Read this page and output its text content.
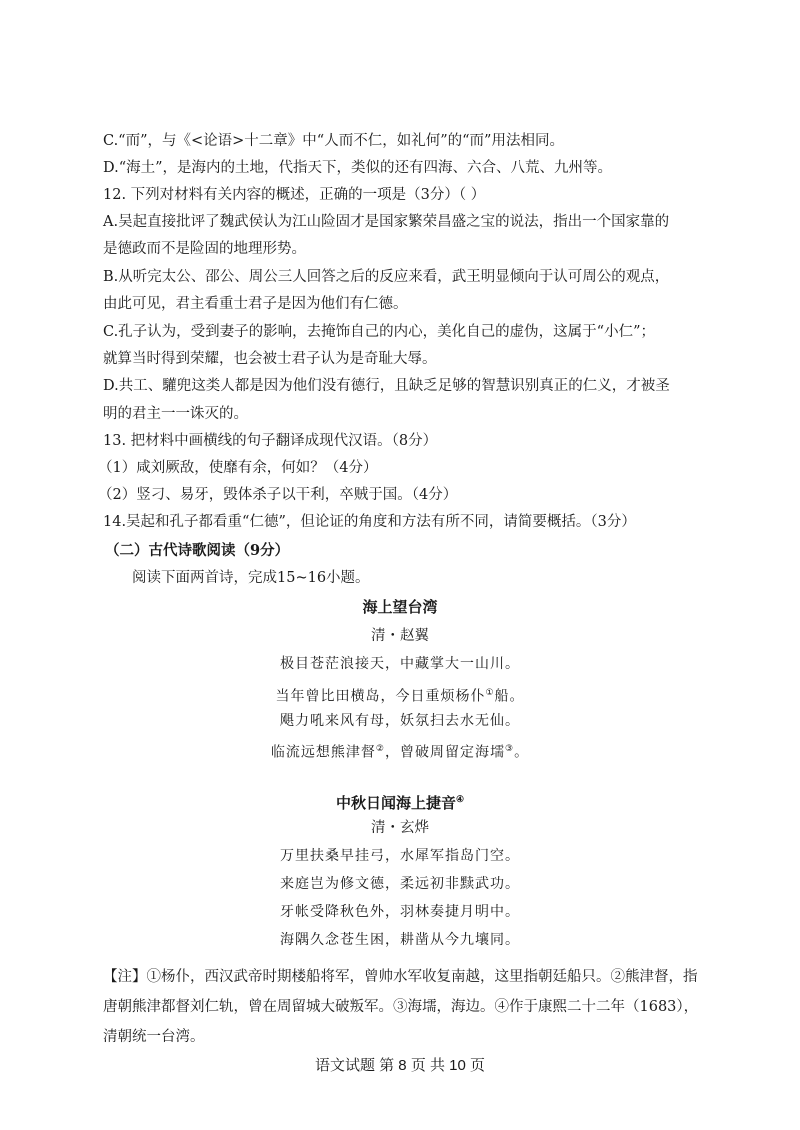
C.“而”，与《<论语>十二章》中“人而不仁，如礼何”的“而”用法相同。
D.“海土”，是海内的土地，代指天下，类似的还有四海、六合、八荒、九州等。
12. 下列对材料有关内容的概述，正确的一项是（3分）（ ）
A.吴起直接批评了魏武侯认为江山险固才是国家繁荣昌盛之宝的说法，指出一个国家靠的
是德政而不是险固的地理形势。
B.从听完太公、邵公、周公三人回答之后的反应来看，武王明显倾向于认可周公的观点，
由此可见，君主看重士君子是因为他们有仁德。
C.孔子认为，受到妻子的影响，去掩饰自己的内心，美化自己的虚伪，这属于“小仁”；
就算当时得到荣耀，也会被士君子认为是奇耻大辱。
D.共工、驩兜这类人都是因为他们没有德行，且缺乏足够的智慧识别真正的仁义，才被圣
明的君主一一诛灭的。
13. 把材料中画横线的句子翻译成现代汉语。（8分）
（1）咸刘厥敌，使靡有余，何如？（4分）
（2）竖刁、易牙，毁体杀子以干利，卒贼于国。（4分）
14.吴起和孔子都看重“仁德”，但论证的角度和方法有所不同，请简要概括。（3分）
（二）古代诗歌阅读（9分）
阅读下面两首诗，完成15~16小题。
海上望台湾
清・赵翼
极目苍茫浪接天，中藏掌大一山川。
当年曾比田横岛，今日重烦杨仆①船。
飓力吼来风有母，妖氛扫去水无仙。
临流远想熊津督②，曾破周留定海壖③。
中秋日闻海上捷音④
清・玄烨
万里扶桑早挂弓，水犀军指岛门空。
来庭岂为修文德，柔远初非黩武功。
牙帐受降秋色外，羽林奏捷月明中。
海隅久念苍生困，耕凿从今九壤同。
【注】①杨仆，西汉武帝时期楼船将军，曾帅水军收复南越，这里指朝廷船只。②熊津督，指唐朝熊津都督刘仁轨，曾在周留城大破叛军。③海壖，海边。④作于康熙二十二年（1683），清朝统一台湾。
语文试题 第 8 页 共 10 页
